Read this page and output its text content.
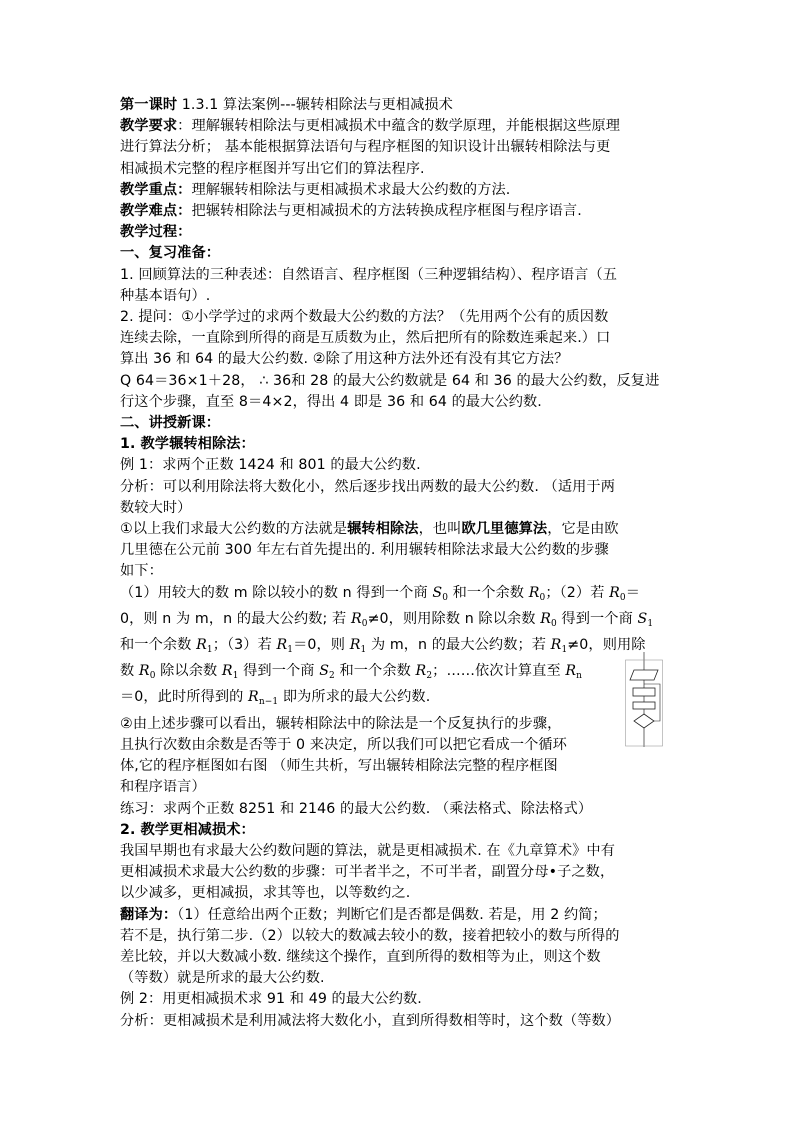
第一课时 1.3.1 算法案例---辗转相除法与更相减损术
教学要求：理解辗转相除法与更相减损术中蕴含的数学原理，并能根据这些原理
进行算法分析； 基本能根据算法语句与程序框图的知识设计出辗转相除法与更
相减损术完整的程序框图并写出它们的算法程序.
教学重点：理解辗转相除法与更相减损术求最大公约数的方法.
教学难点：把辗转相除法与更相减损术的方法转换成程序框图与程序语言.
教学过程：
一、复习准备：
1. 回顾算法的三种表述：自然语言、程序框图（三种逻辑结构）、程序语言（五
种基本语句）.
2. 提问：①小学学过的求两个数最大公约数的方法？（先用两个公有的质因数
连续去除，一直除到所得的商是互质数为止，然后把所有的除数连乘起来.）口
算出 36 和 64 的最大公约数. ②除了用这种方法外还有没有其它方法？
Q 64＝36×1＋28， ∴ 36和 28 的最大公约数就是 64 和 36 的最大公约数，反复进
行这个步骤，直至 8＝4×2，得出 4 即是 36 和 64 的最大公约数.
二、讲授新课：
1. 教学辗转相除法：
例 1：求两个正数 1424 和 801 的最大公约数.
分析：可以利用除法将大数化小，然后逐步找出两数的最大公约数. （适用于两
数较大时）
①以上我们求最大公约数的方法就是辗转相除法，也叫欧几里德算法，它是由欧
几里德在公元前 300 年左右首先提出的. 利用辗转相除法求最大公约数的步骤
如下：
（1）用较大的数 m 除以较小的数 n 得到一个商 $S_0$ 和一个余数 $R_0$；（2）若 $R_0=$
0，则 n 为 m，n 的最大公约数; 若 $R_0\ne 0$，则用除数 n 除以余数 $R_0$ 得到一个商 $S_1$
和一个余数 $R_1$；（3）若 $R_1=0$，则 $R_1$ 为 m，n 的最大公约数；若 $R_1\ne 0$，则用除
数 $R_0$ 除以余数 $R_1$ 得到一个商 $S_2$ 和一个余数 $R_2$；……依次计算直至 $R_n$
＝0，此时所得到的 $R_{n-1}$ 即为所求的最大公约数.
②由上述步骤可以看出，辗转相除法中的除法是一个反复执行的步骤，
且执行次数由余数是否等于 0 来决定，所以我们可以把它看成一个循环
体,它的程序框图如右图 （师生共析，写出辗转相除法完整的程序框图
和程序语言）
练习：求两个正数 8251 和 2146 的最大公约数. （乘法格式、除法格式）
2. 教学更相减损术：
我国早期也有求最大公约数问题的算法，就是更相减损术. 在《九章算术》中有
更相减损术求最大公约数的步骤：可半者半之，不可半者，副置分母•子之数，
以少减多，更相减损，求其等也，以等数约之.
翻译为：（1）任意给出两个正数；判断它们是否都是偶数. 若是，用 2 约简；
若不是，执行第二步.（2）以较大的数减去较小的数，接着把较小的数与所得的
差比较，并以大数减小数. 继续这个操作，直到所得的数相等为止，则这个数
（等数）就是所求的最大公约数.
例 2：用更相减损术求 91 和 49 的最大公约数.
分析：更相减损术是利用减法将大数化小，直到所得数相等时，这个数（等数）
